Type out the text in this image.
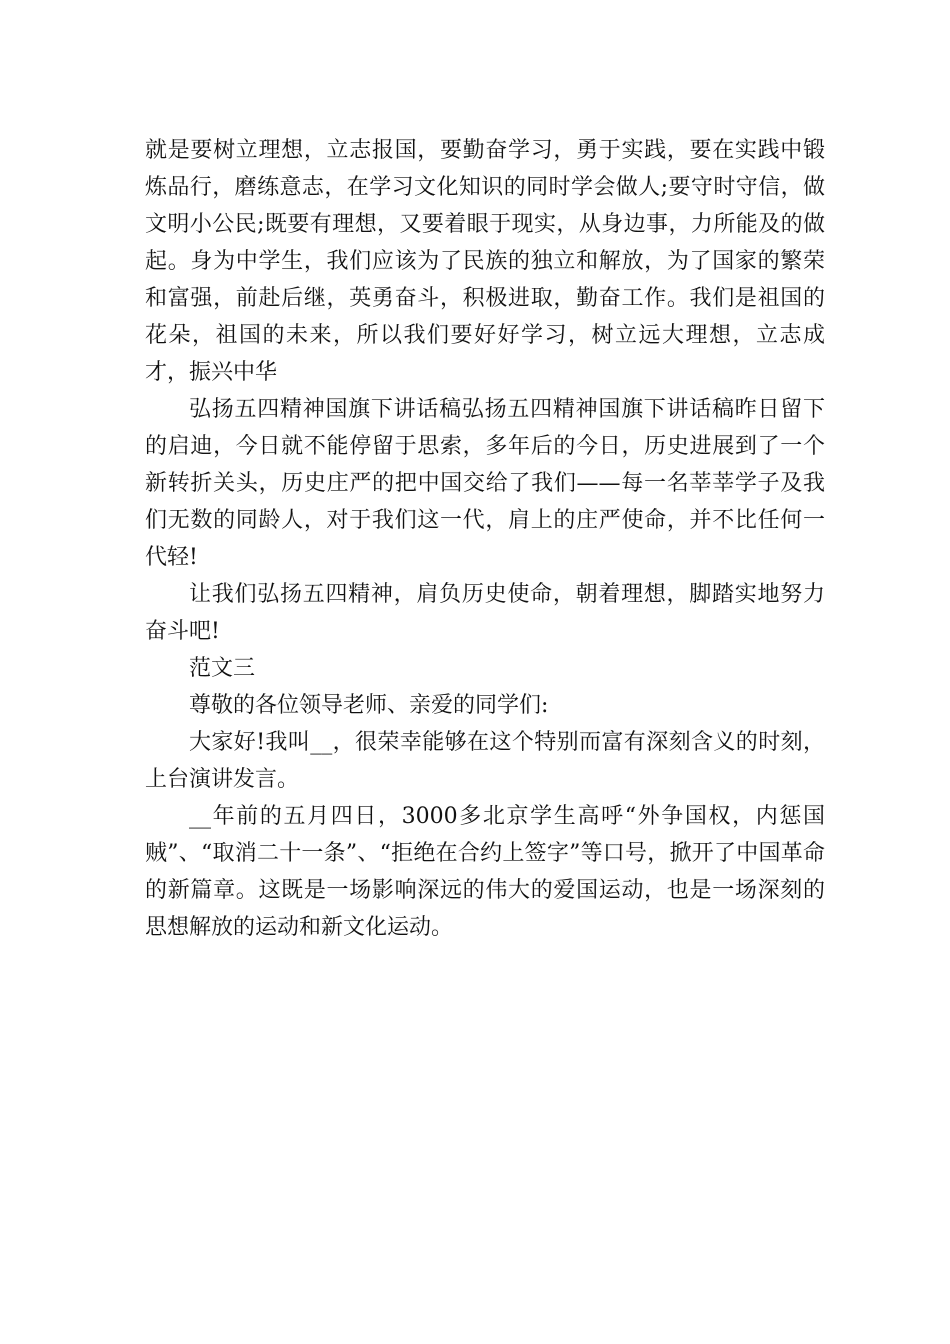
就是要树立理想，立志报国，要勤奋学习，勇于实践，要在实践中锻炼品行，磨练意志，在学习文化知识的同时学会做人;要守时守信，做文明小公民;既要有理想，又要着眼于现实，从身边事，力所能及的做起。身为中学生，我们应该为了民族的独立和解放，为了国家的繁荣和富强，前赴后继，英勇奋斗，积极进取，勤奋工作。我们是祖国的花朵，祖国的未来，所以我们要好好学习，树立远大理想，立志成才，振兴中华

弘扬五四精神国旗下讲话稿弘扬五四精神国旗下讲话稿昨日留下的启迪，今日就不能停留于思索，多年后的今日，历史进展到了一个新转折关头，历史庄严的把中国交给了我们——每一名莘莘学子及我们无数的同龄人，对于我们这一代，肩上的庄严使命，并不比任何一代轻!

让我们弘扬五四精神，肩负历史使命，朝着理想，脚踏实地努力奋斗吧!

范文三

尊敬的各位领导老师、亲爱的同学们:

大家好!我叫__，很荣幸能够在这个特别而富有深刻含义的时刻，上台演讲发言。

__年前的五月四日，3000多北京学生高呼“外争国权，内惩国贼”、“取消二十一条”、“拒绝在合约上签字”等口号，掀开了中国革命的新篇章。这既是一场影响深远的伟大的爱国运动，也是一场深刻的思想解放的运动和新文化运动。
